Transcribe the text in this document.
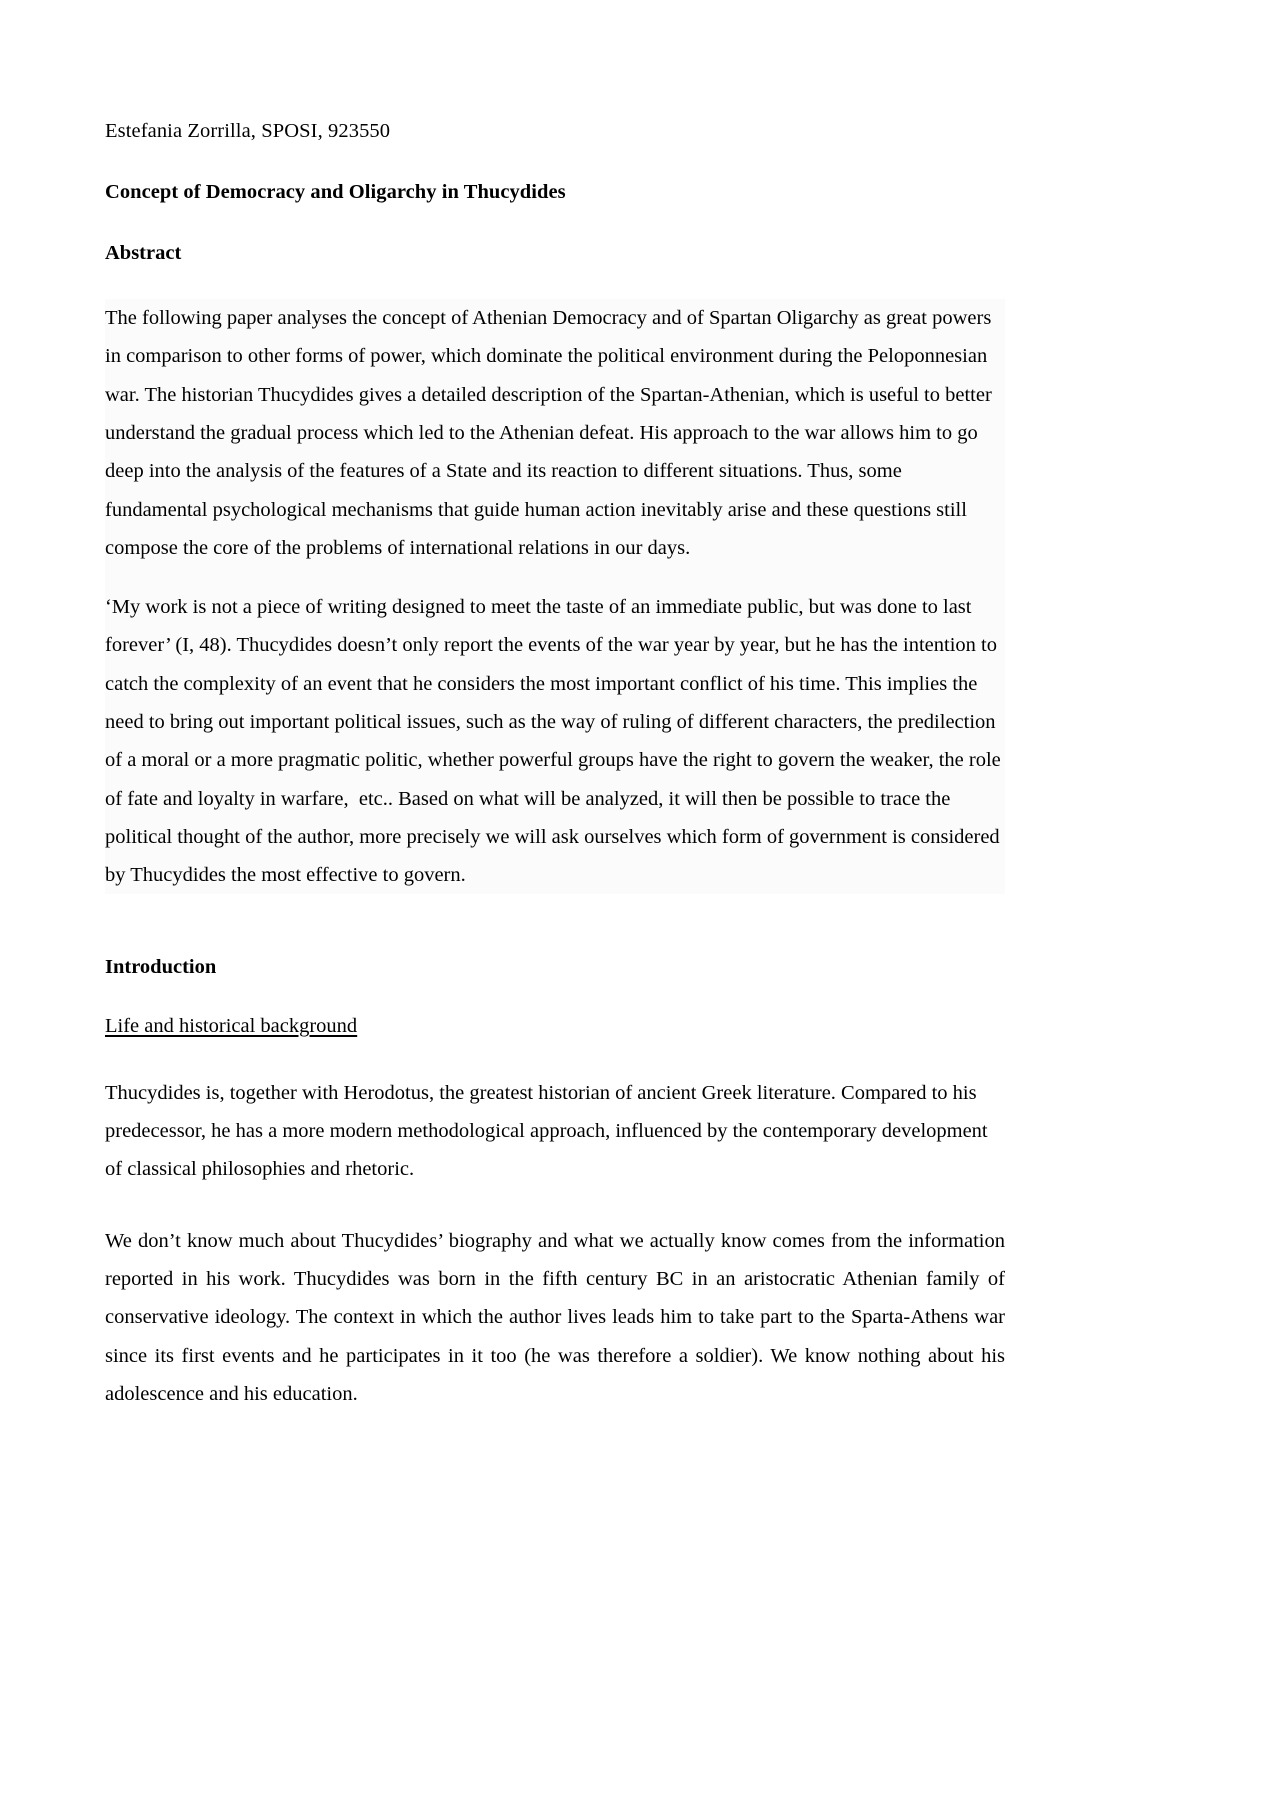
Estefania Zorrilla, SPOSI, 923550
Concept of Democracy and Oligarchy in Thucydides
Abstract

The following paper analyses the concept of Athenian Democracy and of Spartan Oligarchy as great powers in comparison to other forms of power, which dominate the political environment during the Peloponnesian war. The historian Thucydides gives a detailed description of the Spartan-Athenian, which is useful to better understand the gradual process which led to the Athenian defeat. His approach to the war allows him to go deep into the analysis of the features of a State and its reaction to different situations. Thus, some fundamental psychological mechanisms that guide human action inevitably arise and these questions still compose the core of the problems of international relations in our days.

‘My work is not a piece of writing designed to meet the taste of an immediate public, but was done to last forever’ (I, 48). Thucydides doesn’t only report the events of the war year by year, but he has the intention to catch the complexity of an event that he considers the most important conflict of his time. This implies the need to bring out important political issues, such as the way of ruling of different characters, the predilection of a moral or a more pragmatic politic, whether powerful groups have the right to govern the weaker, the role of fate and loyalty in warfare,  etc.. Based on what will be analyzed, it will then be possible to trace the political thought of the author, more precisely we will ask ourselves which form of government is considered by Thucydides the most effective to govern.

Introduction
Life and historical background

Thucydides is, together with Herodotus, the greatest historian of ancient Greek literature. Compared to his predecessor, he has a more modern methodological approach, influenced by the contemporary development of classical philosophies and rhetoric.

We don’t know much about Thucydides’ biography and what we actually know comes from the information reported in his work. Thucydides was born in the fifth century BC in an aristocratic Athenian family of conservative ideology. The context in which the author lives leads him to take part to the Sparta-Athens war since its first events and he participates in it too (he was therefore a soldier). We know nothing about his adolescence and his education.
